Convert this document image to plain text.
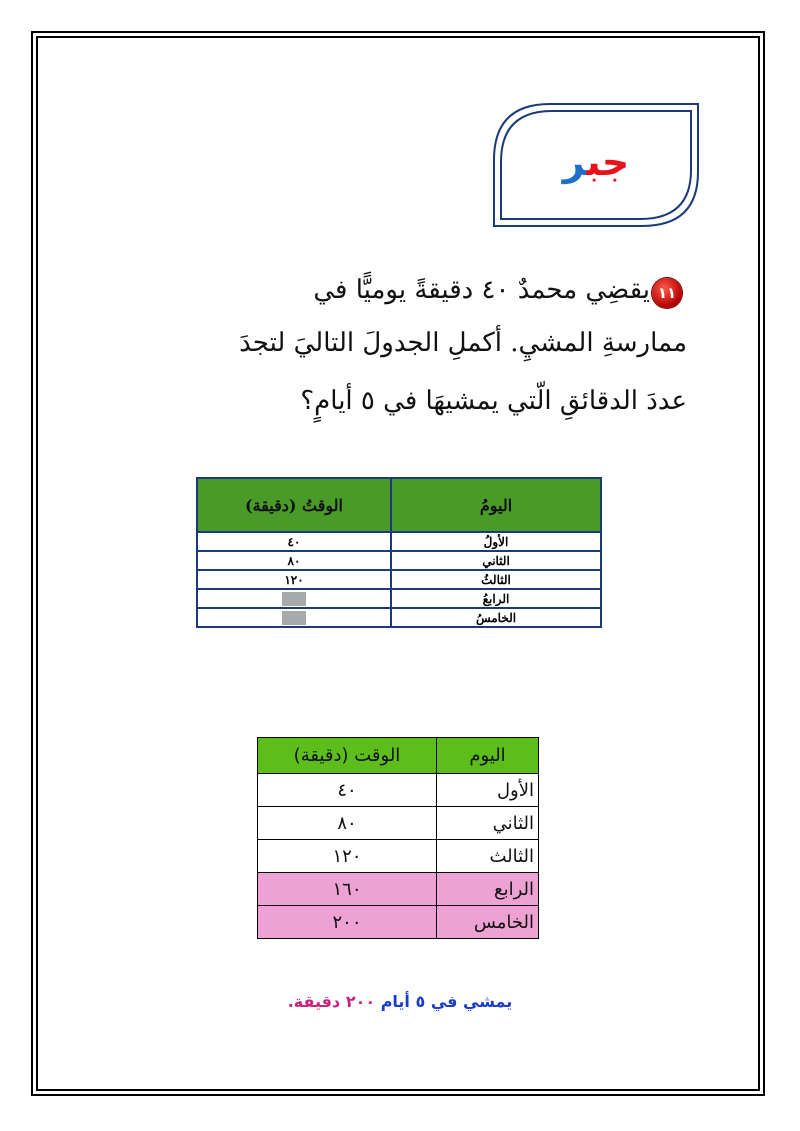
جبر
١١
يقضِي محمدٌ ٤٠ دقيقةً يوميًّا في
ممارسةِ المشيِ. أكملِ الجدولَ التاليَ لتجدَ
عددَ الدقائقِ الّتي يمشيهَا في ٥ أيامٍ؟
اليومُ	الوقتُ (دقيقة)
الأولُ	٤٠
الثاني	٨٠
الثالثُ	١٢٠
الرابعُ	
الخامسُ	
اليوم	الوقت (دقيقة)
الأول	٤٠
الثاني	٨٠
الثالث	١٢٠
الرابع	١٦٠
الخامس	٢٠٠
يمشي في ٥ أيام ٢٠٠ دقيقة.
